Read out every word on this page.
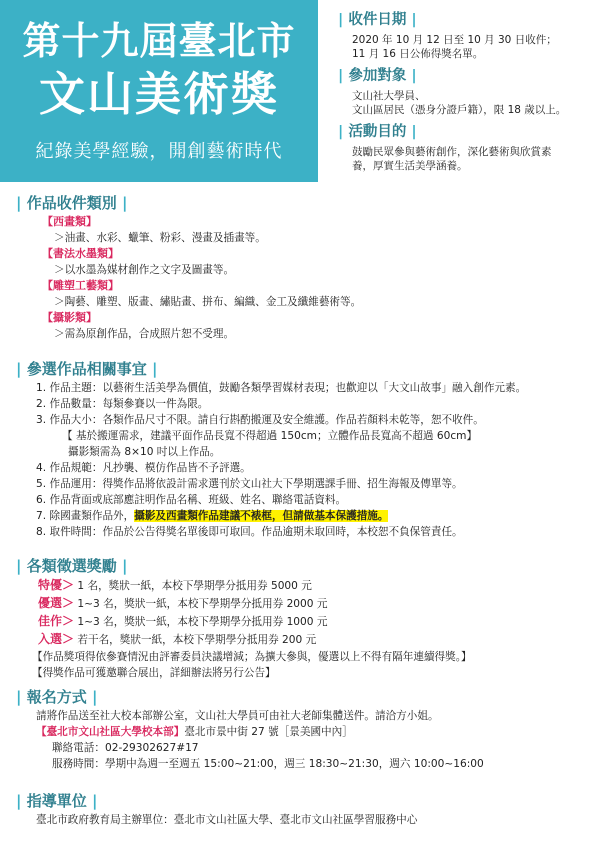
第十九屆臺北市
文山美術獎
紀錄美學經驗，開創藝術時代
| 收件日期 |
2020 年 10 月 12 日至 10 月 30 日收件；
11 月 16 日公佈得獎名單。
| 參加對象 |
文山社大學員、
文山區居民（憑身分證戶籍），限 18 歲以上。
| 活動目的 |
鼓勵民眾參與藝術創作，深化藝術與欣賞素
養，厚實生活美學涵養。
| 作品收件類別 |
【西畫類】
＞油畫、水彩、蠟筆、粉彩、漫畫及插畫等。
【書法水墨類】
＞以水墨為媒材創作之文字及圖畫等。
【雕塑工藝類】
＞陶藝、雕塑、版畫、繡貼畫、拼布、編織、金工及纖維藝術等。
【攝影類】
＞需為原創作品，合成照片恕不受理。
| 參選作品相關事宜 |
1. 作品主題：以藝術生活美學為價值，鼓勵各類學習媒材表現；也歡迎以「大文山故事」融入創作元素。
2. 作品數量：每類參賽以一件為限。
3. 作品大小：各類作品尺寸不限。請自行斟酌搬運及安全維護。作品若顏料未乾等，恕不收件。
【 基於搬運需求，建議平面作品長寬不得超過 150cm；立體作品長寬高不超過 60cm】
攝影類需為 8×10 吋以上作品。
4. 作品規範：凡抄襲、模仿作品皆不予評選。
5. 作品運用：得獎作品將依設計需求選刊於文山社大下學期選課手冊、招生海報及傳單等。
6. 作品背面或底部應註明作品名稱、班級、姓名、聯絡電話資料。
7. 除國畫類作品外，攝影及西畫類作品建議不裱框，但請做基本保護措施。
8. 取件時間：作品於公告得獎名單後即可取回。作品逾期未取回時，本校恕不負保管責任。
| 各類徵選獎勵 |
特優＞ 1 名，獎狀一紙，本校下學期學分抵用券 5000 元
優選＞ 1~3 名，獎狀一紙，本校下學期學分抵用券 2000 元
佳作＞ 1~3 名，獎狀一紙，本校下學期學分抵用券 1000 元
入選＞ 若干名，獎狀一紙，本校下學期學分抵用券 200 元
【作品獎項得依參賽情況由評審委員決議增減；為擴大參與，優選以上不得有隔年連續得獎。】
【得獎作品可獲邀聯合展出，詳細辦法將另行公告】
| 報名方式 |
請將作品送至社大校本部辦公室，文山社大學員可由社大老師集體送件。請洽方小姐。
【臺北市文山社區大學校本部】臺北市景中街 27 號［景美國中內］
聯絡電話：02-29302627#17
服務時間：學期中為週一至週五 15:00~21:00，週三 18:30~21:30，週六 10:00~16:00
| 指導單位 |
臺北市政府教育局主辦單位：臺北市文山社區大學、臺北市文山社區學習服務中心
